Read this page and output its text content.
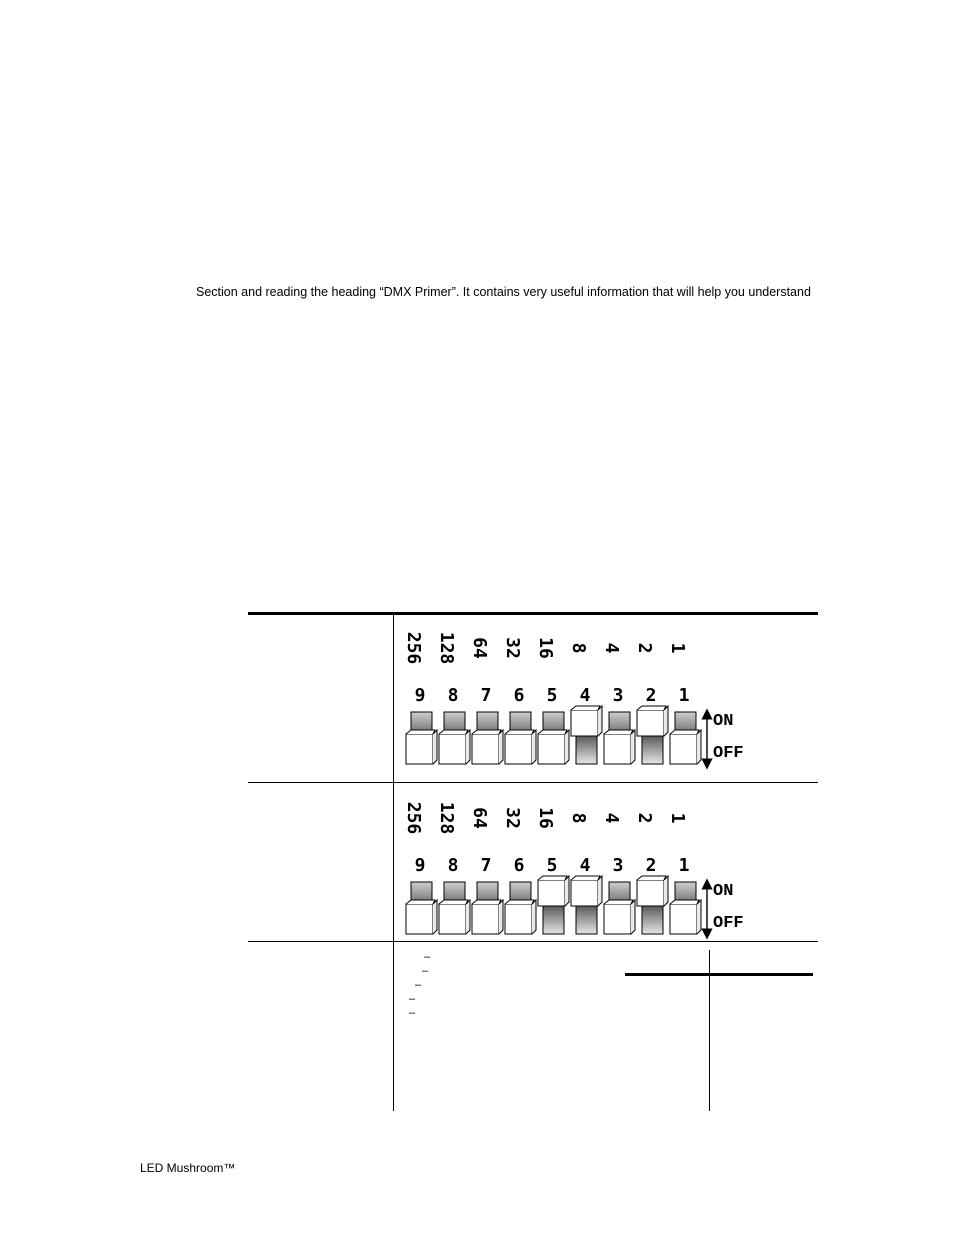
Section and reading the heading “DMX Primer”. It contains very useful information that will help you understand
256 128 64 32 16 8 4 2 1
9 8 7 6 5 4 3 2 1
ON
OFF
256 128 64 32 16 8 4 2 1
9 8 7 6 5 4 3 2 1
ON
OFF
–
–
–
–
–
LED Mushroom™
